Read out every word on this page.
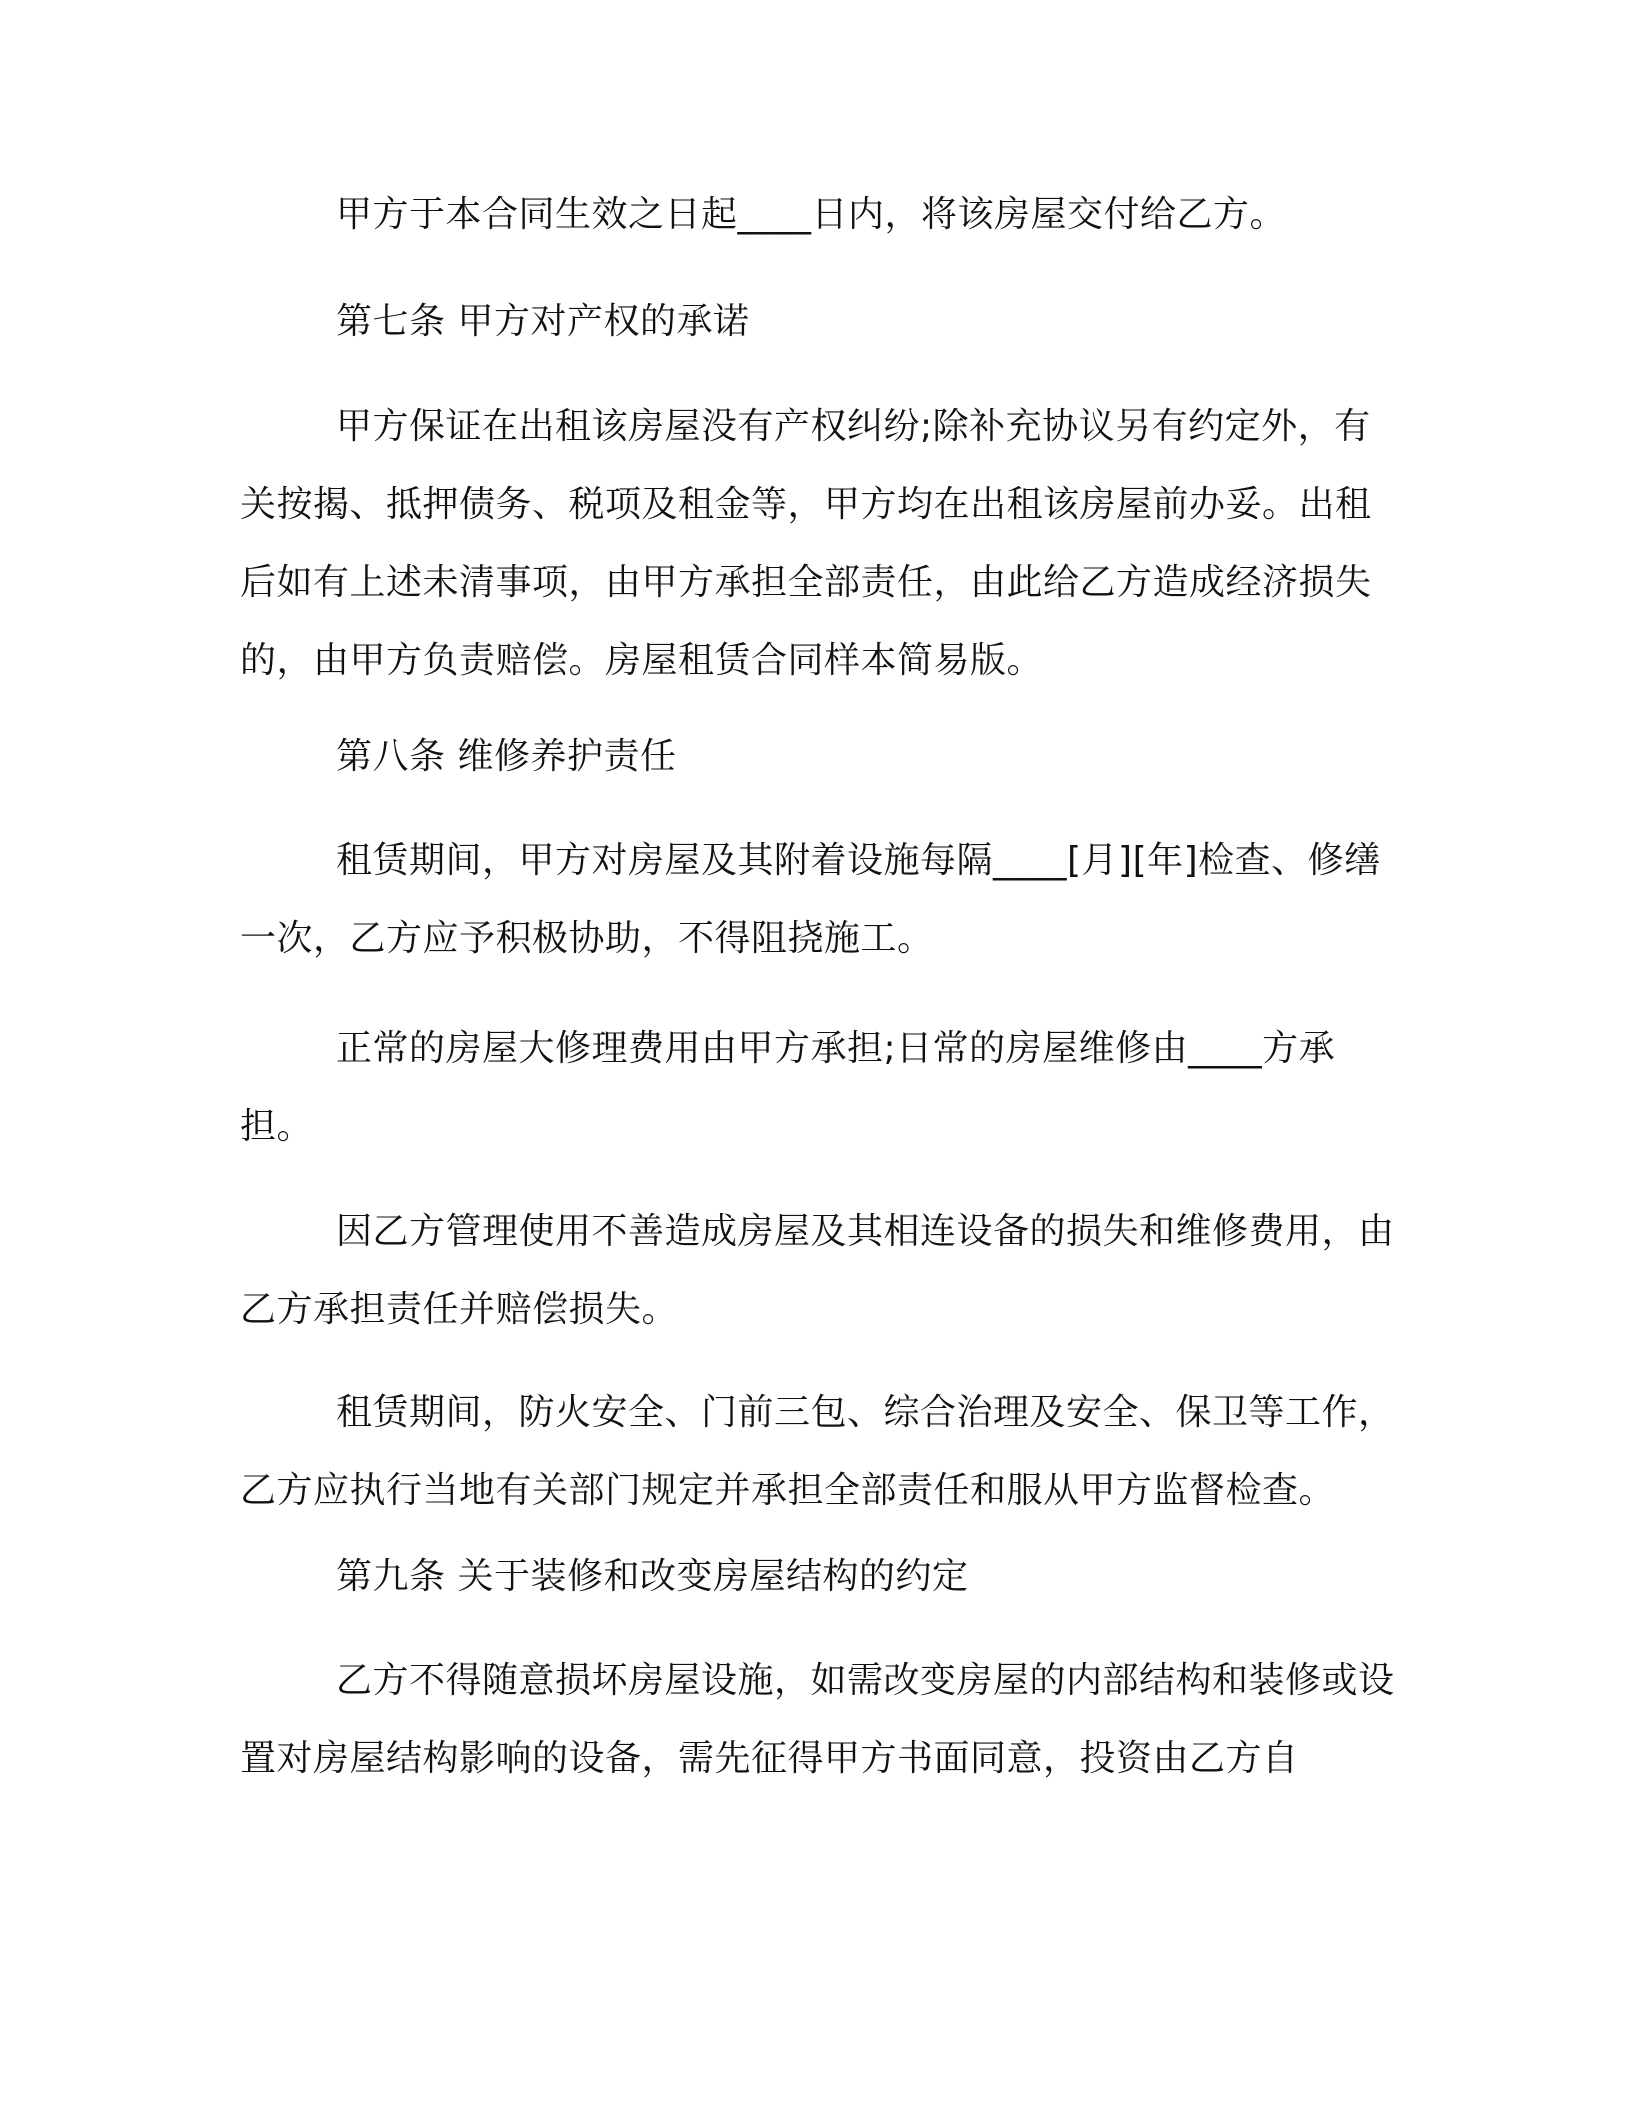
甲方于本合同生效之日起____日内，将该房屋交付给乙方。

第七条 甲方对产权的承诺

甲方保证在出租该房屋没有产权纠纷;除补充协议另有约定外，有关按揭、抵押债务、税项及租金等，甲方均在出租该房屋前办妥。出租后如有上述未清事项，由甲方承担全部责任，由此给乙方造成经济损失的，由甲方负责赔偿。房屋租赁合同样本简易版。

第八条 维修养护责任

租赁期间，甲方对房屋及其附着设施每隔____[月][年]检查、修缮一次，乙方应予积极协助，不得阻挠施工。

正常的房屋大修理费用由甲方承担;日常的房屋维修由____方承担。

因乙方管理使用不善造成房屋及其相连设备的损失和维修费用，由乙方承担责任并赔偿损失。

租赁期间，防火安全、门前三包、综合治理及安全、保卫等工作，乙方应执行当地有关部门规定并承担全部责任和服从甲方监督检查。

第九条 关于装修和改变房屋结构的约定

乙方不得随意损坏房屋设施，如需改变房屋的内部结构和装修或设置对房屋结构影响的设备，需先征得甲方书面同意，投资由乙方自
